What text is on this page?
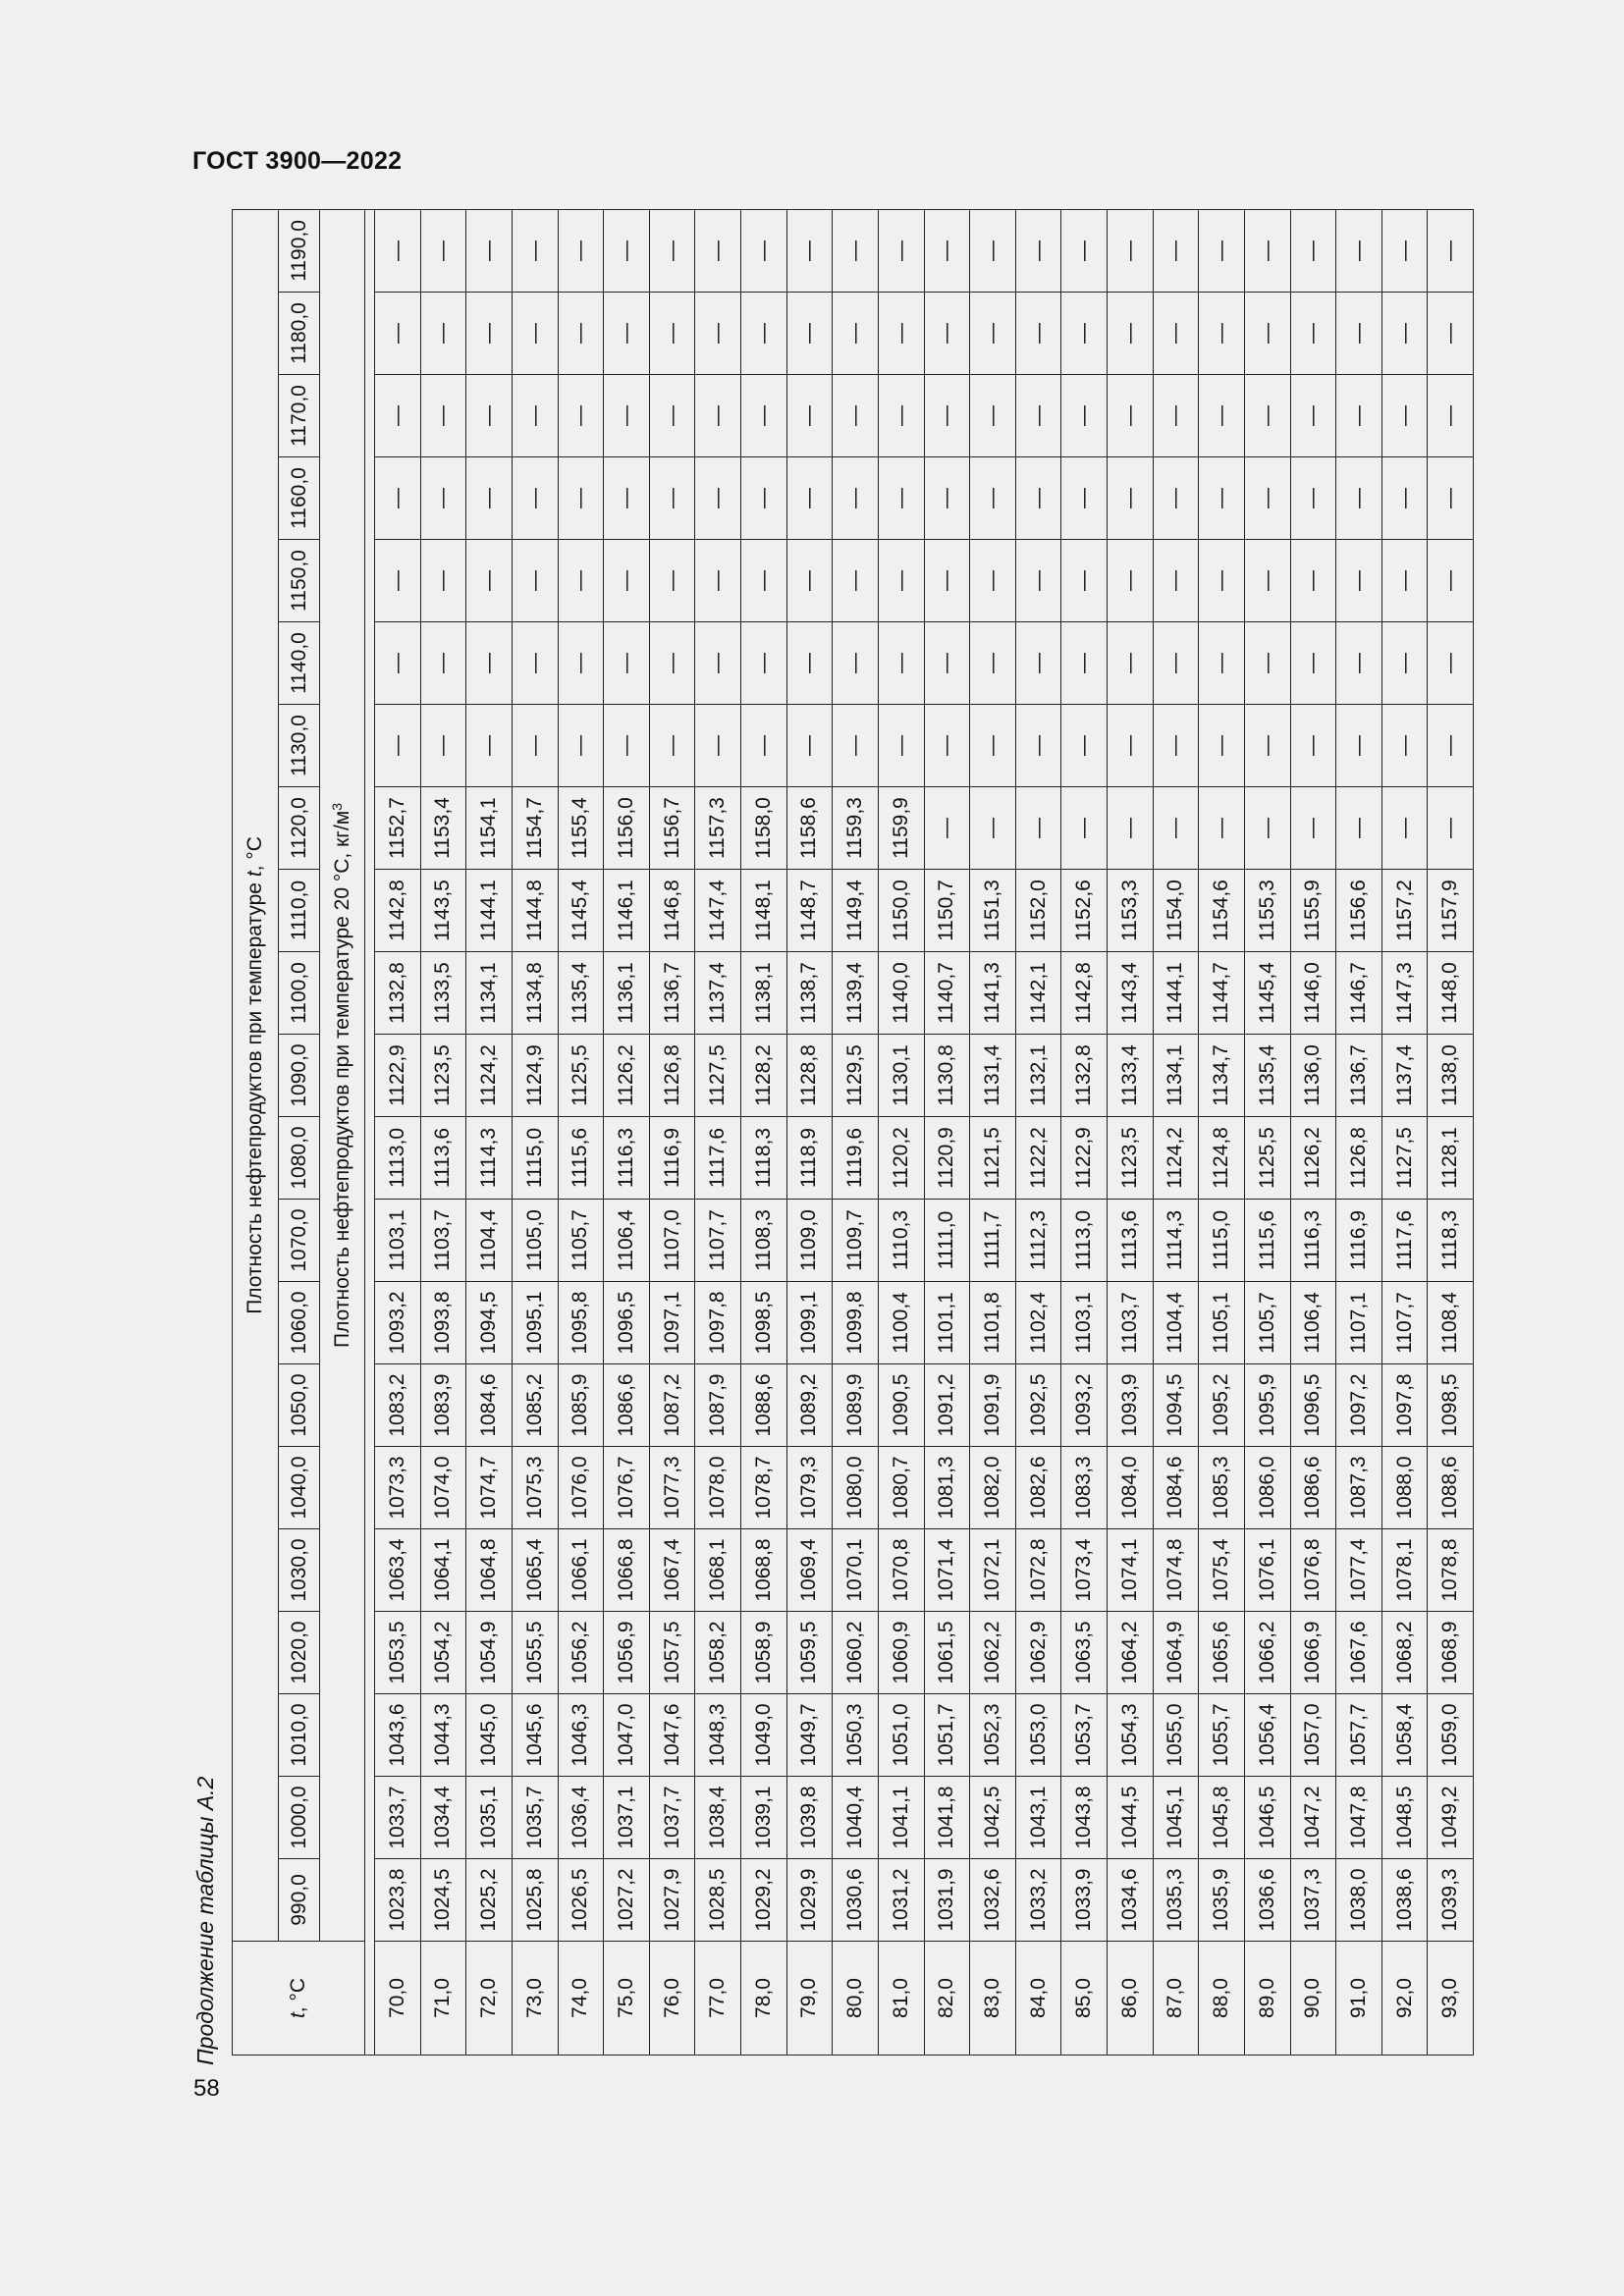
ГОСТ 3900—2022
Продолжение таблицы А.2
58
t, °C	Плотность нефтепродуктов при температуре t, °C																				
	990,0	1000,0	1010,0	1020,0	1030,0	1040,0	1050,0	1060,0	1070,0	1080,0	1090,0	1100,0	1110,0	1120,0	1130,0	1140,0	1150,0	1160,0	1170,0	1180,0	1190,0
	Плотность нефтепродуктов при температуре 20 °C, $кг/м^3$

70,0	1023,8	1033,7	1043,6	1053,5	1063,4	1073,3	1083,2	1093,2	1103,1	1113,0	1122,9	1132,8	1142,8	1152,7	—	—	—	—	—	—	—
71,0	1024,5	1034,4	1044,3	1054,2	1064,1	1074,0	1083,9	1093,8	1103,7	1113,6	1123,5	1133,5	1143,5	1153,4	—	—	—	—	—	—	—
72,0	1025,2	1035,1	1045,0	1054,9	1064,8	1074,7	1084,6	1094,5	1104,4	1114,3	1124,2	1134,1	1144,1	1154,1	—	—	—	—	—	—	—
73,0	1025,8	1035,7	1045,6	1055,5	1065,4	1075,3	1085,2	1095,1	1105,0	1115,0	1124,9	1134,8	1144,8	1154,7	—	—	—	—	—	—	—
74,0	1026,5	1036,4	1046,3	1056,2	1066,1	1076,0	1085,9	1095,8	1105,7	1115,6	1125,5	1135,4	1145,4	1155,4	—	—	—	—	—	—	—
75,0	1027,2	1037,1	1047,0	1056,9	1066,8	1076,7	1086,6	1096,5	1106,4	1116,3	1126,2	1136,1	1146,1	1156,0	—	—	—	—	—	—	—
76,0	1027,9	1037,7	1047,6	1057,5	1067,4	1077,3	1087,2	1097,1	1107,0	1116,9	1126,8	1136,7	1146,8	1156,7	—	—	—	—	—	—	—
77,0	1028,5	1038,4	1048,3	1058,2	1068,1	1078,0	1087,9	1097,8	1107,7	1117,6	1127,5	1137,4	1147,4	1157,3	—	—	—	—	—	—	—
78,0	1029,2	1039,1	1049,0	1058,9	1068,8	1078,7	1088,6	1098,5	1108,3	1118,3	1128,2	1138,1	1148,1	1158,0	—	—	—	—	—	—	—
79,0	1029,9	1039,8	1049,7	1059,5	1069,4	1079,3	1089,2	1099,1	1109,0	1118,9	1128,8	1138,7	1148,7	1158,6	—	—	—	—	—	—	—
80,0	1030,6	1040,4	1050,3	1060,2	1070,1	1080,0	1089,9	1099,8	1109,7	1119,6	1129,5	1139,4	1149,4	1159,3	—	—	—	—	—	—	—
81,0	1031,2	1041,1	1051,0	1060,9	1070,8	1080,7	1090,5	1100,4	1110,3	1120,2	1130,1	1140,0	1150,0	1159,9	—	—	—	—	—	—	—
82,0	1031,9	1041,8	1051,7	1061,5	1071,4	1081,3	1091,2	1101,1	1111,0	1120,9	1130,8	1140,7	1150,7	—	—	—	—	—	—	—	—
83,0	1032,6	1042,5	1052,3	1062,2	1072,1	1082,0	1091,9	1101,8	1111,7	1121,5	1131,4	1141,3	1151,3	—	—	—	—	—	—	—	—
84,0	1033,2	1043,1	1053,0	1062,9	1072,8	1082,6	1092,5	1102,4	1112,3	1122,2	1132,1	1142,1	1152,0	—	—	—	—	—	—	—	—
85,0	1033,9	1043,8	1053,7	1063,5	1073,4	1083,3	1093,2	1103,1	1113,0	1122,9	1132,8	1142,8	1152,6	—	—	—	—	—	—	—	—
86,0	1034,6	1044,5	1054,3	1064,2	1074,1	1084,0	1093,9	1103,7	1113,6	1123,5	1133,4	1143,4	1153,3	—	—	—	—	—	—	—	—
87,0	1035,3	1045,1	1055,0	1064,9	1074,8	1084,6	1094,5	1104,4	1114,3	1124,2	1134,1	1144,1	1154,0	—	—	—	—	—	—	—	—
88,0	1035,9	1045,8	1055,7	1065,6	1075,4	1085,3	1095,2	1105,1	1115,0	1124,8	1134,7	1144,7	1154,6	—	—	—	—	—	—	—	—
89,0	1036,6	1046,5	1056,4	1066,2	1076,1	1086,0	1095,9	1105,7	1115,6	1125,5	1135,4	1145,4	1155,3	—	—	—	—	—	—	—	—
90,0	1037,3	1047,2	1057,0	1066,9	1076,8	1086,6	1096,5	1106,4	1116,3	1126,2	1136,0	1146,0	1155,9	—	—	—	—	—	—	—	—
91,0	1038,0	1047,8	1057,7	1067,6	1077,4	1087,3	1097,2	1107,1	1116,9	1126,8	1136,7	1146,7	1156,6	—	—	—	—	—	—	—	—
92,0	1038,6	1048,5	1058,4	1068,2	1078,1	1088,0	1097,8	1107,7	1117,6	1127,5	1137,4	1147,3	1157,2	—	—	—	—	—	—	—	—
93,0	1039,3	1049,2	1059,0	1068,9	1078,8	1088,6	1098,5	1108,4	1118,3	1128,1	1138,0	1148,0	1157,9	—	—	—	—	—	—	—	—
